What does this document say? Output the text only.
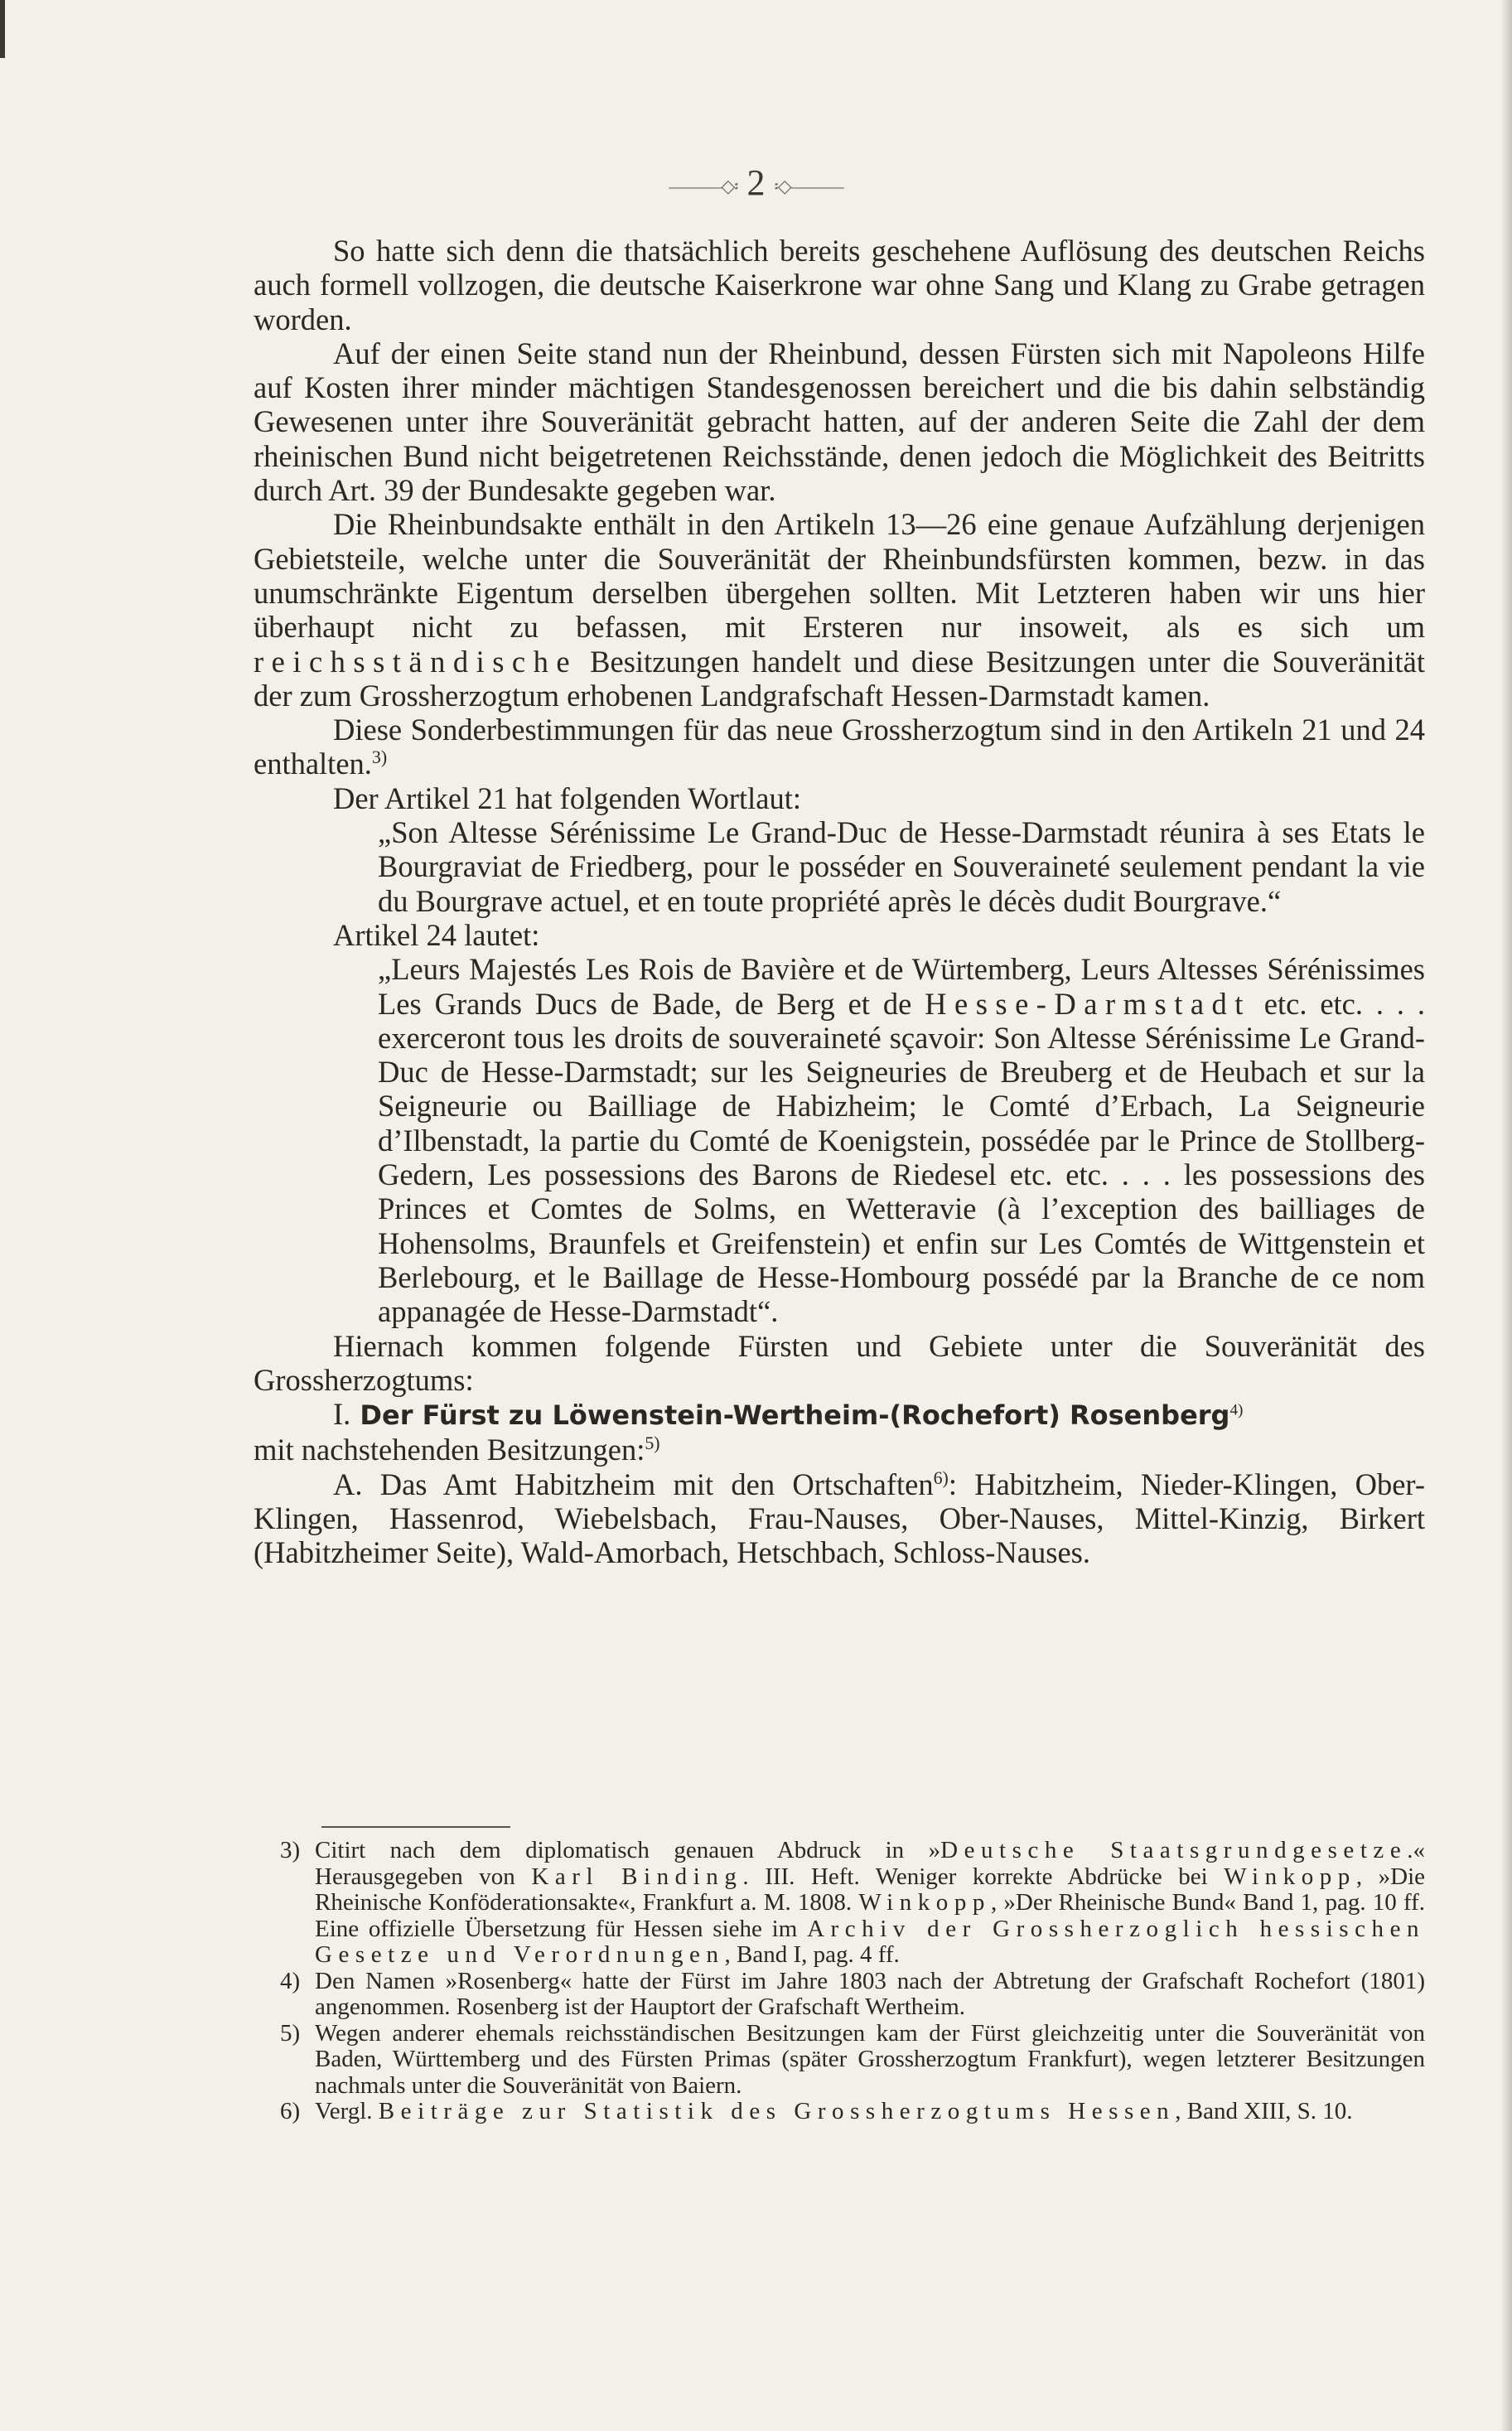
———◇፡ 2 ፡◇———

So hatte sich denn die thatsächlich bereits geschehene Auflösung des deutschen Reichs auch formell vollzogen, die deutsche Kaiserkrone war ohne Sang und Klang zu Grabe getragen worden.

Auf der einen Seite stand nun der Rheinbund, dessen Fürsten sich mit Napoleons Hilfe auf Kosten ihrer minder mächtigen Standesgenossen bereichert und die bis dahin selbständig Gewesenen unter ihre Souveränität gebracht hatten, auf der anderen Seite die Zahl der dem rheinischen Bund nicht beigetretenen Reichsstände, denen jedoch die Möglichkeit des Beitritts durch Art. 39 der Bundesakte gegeben war.

Die Rheinbundsakte enthält in den Artikeln 13—26 eine genaue Aufzählung derjenigen Gebietsteile, welche unter die Souveränität der Rheinbundsfürsten kommen, bezw. in das unumschränkte Eigentum derselben übergehen sollten. Mit Letzteren haben wir uns hier überhaupt nicht zu befassen, mit Ersteren nur insoweit, als es sich um reichsständische Besitzungen handelt und diese Besitzungen unter die Souveränität der zum Grossherzogtum erhobenen Landgrafschaft Hessen-Darmstadt kamen.

Diese Sonderbestimmungen für das neue Grossherzogtum sind in den Artikeln 21 und 24 enthalten.$^{3)}$

Der Artikel 21 hat folgenden Wortlaut:

„Son Altesse Sérénissime Le Grand-Duc de Hesse-Darmstadt réunira à ses Etats le Bourgraviat de Friedberg, pour le posséder en Souveraineté seulement pendant la vie du Bourgrave actuel, et en toute propriété après le décès dudit Bourgrave.“

Artikel 24 lautet:

„Leurs Majestés Les Rois de Bavière et de Würtemberg, Leurs Altesses Sérénissimes Les Grands Ducs de Bade, de Berg et de Hesse-Darmstadt etc. etc. . . . exerceront tous les droits de souveraineté sçavoir: Son Altesse Sérénissime Le Grand-Duc de Hesse-Darmstadt; sur les Seigneuries de Breuberg et de Heubach et sur la Seigneurie ou Bailliage de Habizheim; le Comté d’Erbach, La Seigneurie d’Ilbenstadt, la partie du Comté de Koenigstein, possédée par le Prince de Stollberg-Gedern, Les possessions des Barons de Riedesel etc. etc. . . . les possessions des Princes et Comtes de Solms, en Wetteravie (à l’exception des bailliages de Hohensolms, Braunfels et Greifenstein) et enfin sur Les Comtés de Wittgenstein et Berlebourg, et le Baillage de Hesse-Hombourg possédé par la Branche de ce nom appanagée de Hesse-Darmstadt“.

Hiernach kommen folgende Fürsten und Gebiete unter die Souveränität des Grossherzogtums:

I. Der Fürst zu Löwenstein-Wertheim-(Rochefort) Rosenberg$^{4)}$

mit nachstehenden Besitzungen:$^{5)}$

A. Das Amt Habitzheim mit den Ortschaften$^{6)}$: Habitzheim, Nieder-Klingen, Ober-Klingen, Hassenrod, Wiebelsbach, Frau-Nauses, Ober-Nauses, Mittel-Kinzig, Birkert (Habitzheimer Seite), Wald-Amorbach, Hetschbach, Schloss-Nauses.

3) Citirt nach dem diplomatisch genauen Abdruck in »Deutsche Staatsgrundgesetze.« Herausgegeben von Karl Binding. III. Heft. Weniger korrekte Abdrücke bei Winkopp, »Die Rheinische Konföderationsakte«, Frankfurt a. M. 1808. Winkopp, »Der Rheinische Bund« Band 1, pag. 10 ff. Eine offizielle Übersetzung für Hessen siehe im Archiv der Grossherzoglich hessischen Gesetze und Verordnungen, Band I, pag. 4 ff.

4) Den Namen »Rosenberg« hatte der Fürst im Jahre 1803 nach der Abtretung der Grafschaft Rochefort (1801) angenommen. Rosenberg ist der Hauptort der Grafschaft Wertheim.

5) Wegen anderer ehemals reichsständischen Besitzungen kam der Fürst gleichzeitig unter die Souveränität von Baden, Württemberg und des Fürsten Primas (später Grossherzogtum Frankfurt), wegen letzterer Besitzungen nachmals unter die Souveränität von Baiern.

6) Vergl. Beiträge zur Statistik des Grossherzogtums Hessen, Band XIII, S. 10.
